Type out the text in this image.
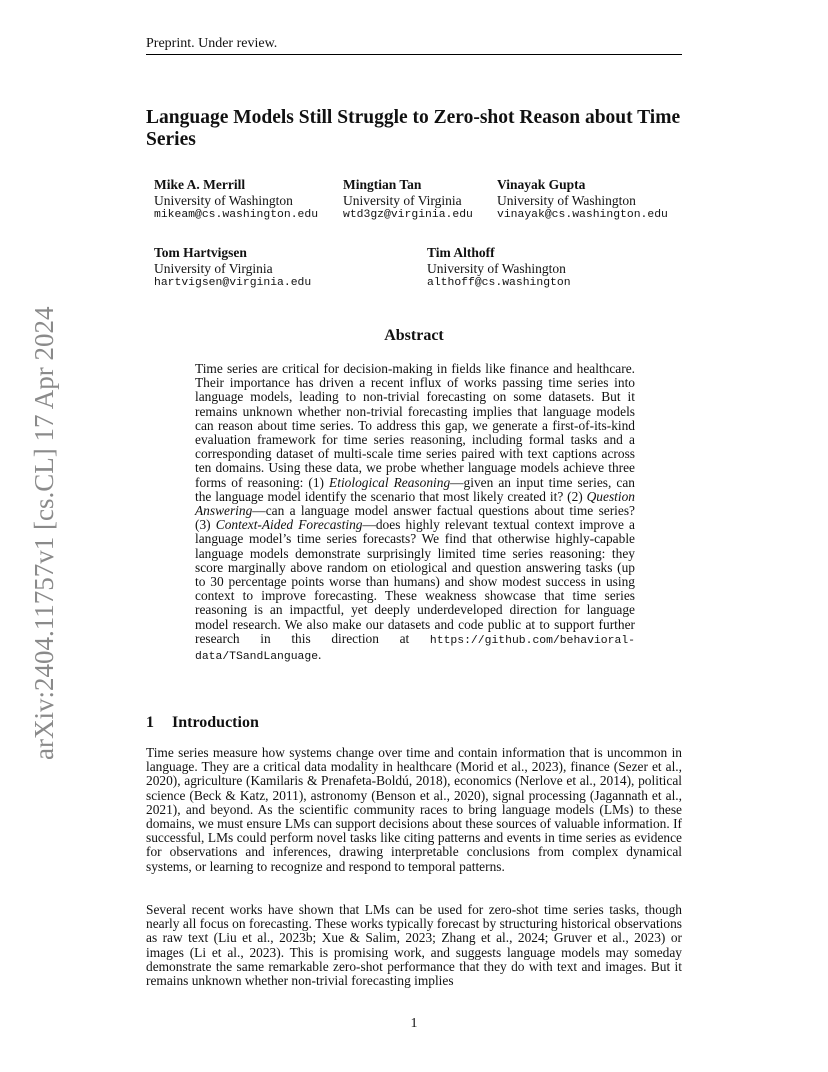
Preprint. Under review.
Language Models Still Struggle to Zero-shot Reason about Time Series
arXiv:2404.11757v1 [cs.CL] 17 Apr 2024
Mike A. Merrill
University of Washington
mikeam@cs.washington.edu
Mingtian Tan
University of Virginia
wtd3gz@virginia.edu
Vinayak Gupta
University of Washington
vinayak@cs.washington.edu
Tom Hartvigsen
University of Virginia
hartvigsen@virginia.edu
Tim Althoff
University of Washington
althoff@cs.washington
Abstract

Time series are critical for decision-making in fields like finance and healthcare. Their importance has driven a recent influx of works passing time series into language models, leading to non-trivial forecasting on some datasets. But it remains unknown whether non-trivial forecasting implies that language models can reason about time series. To address this gap, we generate a first-of-its-kind evaluation framework for time series reasoning, including formal tasks and a corresponding dataset of multi-scale time series paired with text captions across ten domains. Using these data, we probe whether language models achieve three forms of reasoning: (1) Etiological Reasoning—given an input time series, can the language model identify the scenario that most likely created it? (2) Question Answering—can a language model answer factual questions about time series? (3) Context-Aided Forecasting—does highly relevant textual context improve a language model’s time series forecasts? We find that otherwise highly-capable language models demonstrate surprisingly limited time series reasoning: they score marginally above random on etiological and question answering tasks (up to 30 percentage points worse than humans) and show modest success in using context to improve forecasting. These weakness showcase that time series reasoning is an impactful, yet deeply underdeveloped direction for language model research. We also make our datasets and code public at to support further research in this direction at https://github.com/behavioral-data/TSandLanguage.

1 Introduction

Time series measure how systems change over time and contain information that is uncommon in language. They are a critical data modality in healthcare (Morid et al., 2023), finance (Sezer et al., 2020), agriculture (Kamilaris & Prenafeta-Boldú, 2018), economics (Nerlove et al., 2014), political science (Beck & Katz, 2011), astronomy (Benson et al., 2020), signal processing (Jagannath et al., 2021), and beyond. As the scientific community races to bring language models (LMs) to these domains, we must ensure LMs can support decisions about these sources of valuable information. If successful, LMs could perform novel tasks like citing patterns and events in time series as evidence for observations and inferences, drawing interpretable conclusions from complex dynamical systems, or learning to recognize and respond to temporal patterns.

Several recent works have shown that LMs can be used for zero-shot time series tasks, though nearly all focus on forecasting. These works typically forecast by structuring historical observations as raw text (Liu et al., 2023b; Xue & Salim, 2023; Zhang et al., 2024; Gruver et al., 2023) or images (Li et al., 2023). This is promising work, and suggests language models may someday demonstrate the same remarkable zero-shot performance that they do with text and images. But it remains unknown whether non-trivial forecasting implies

1
